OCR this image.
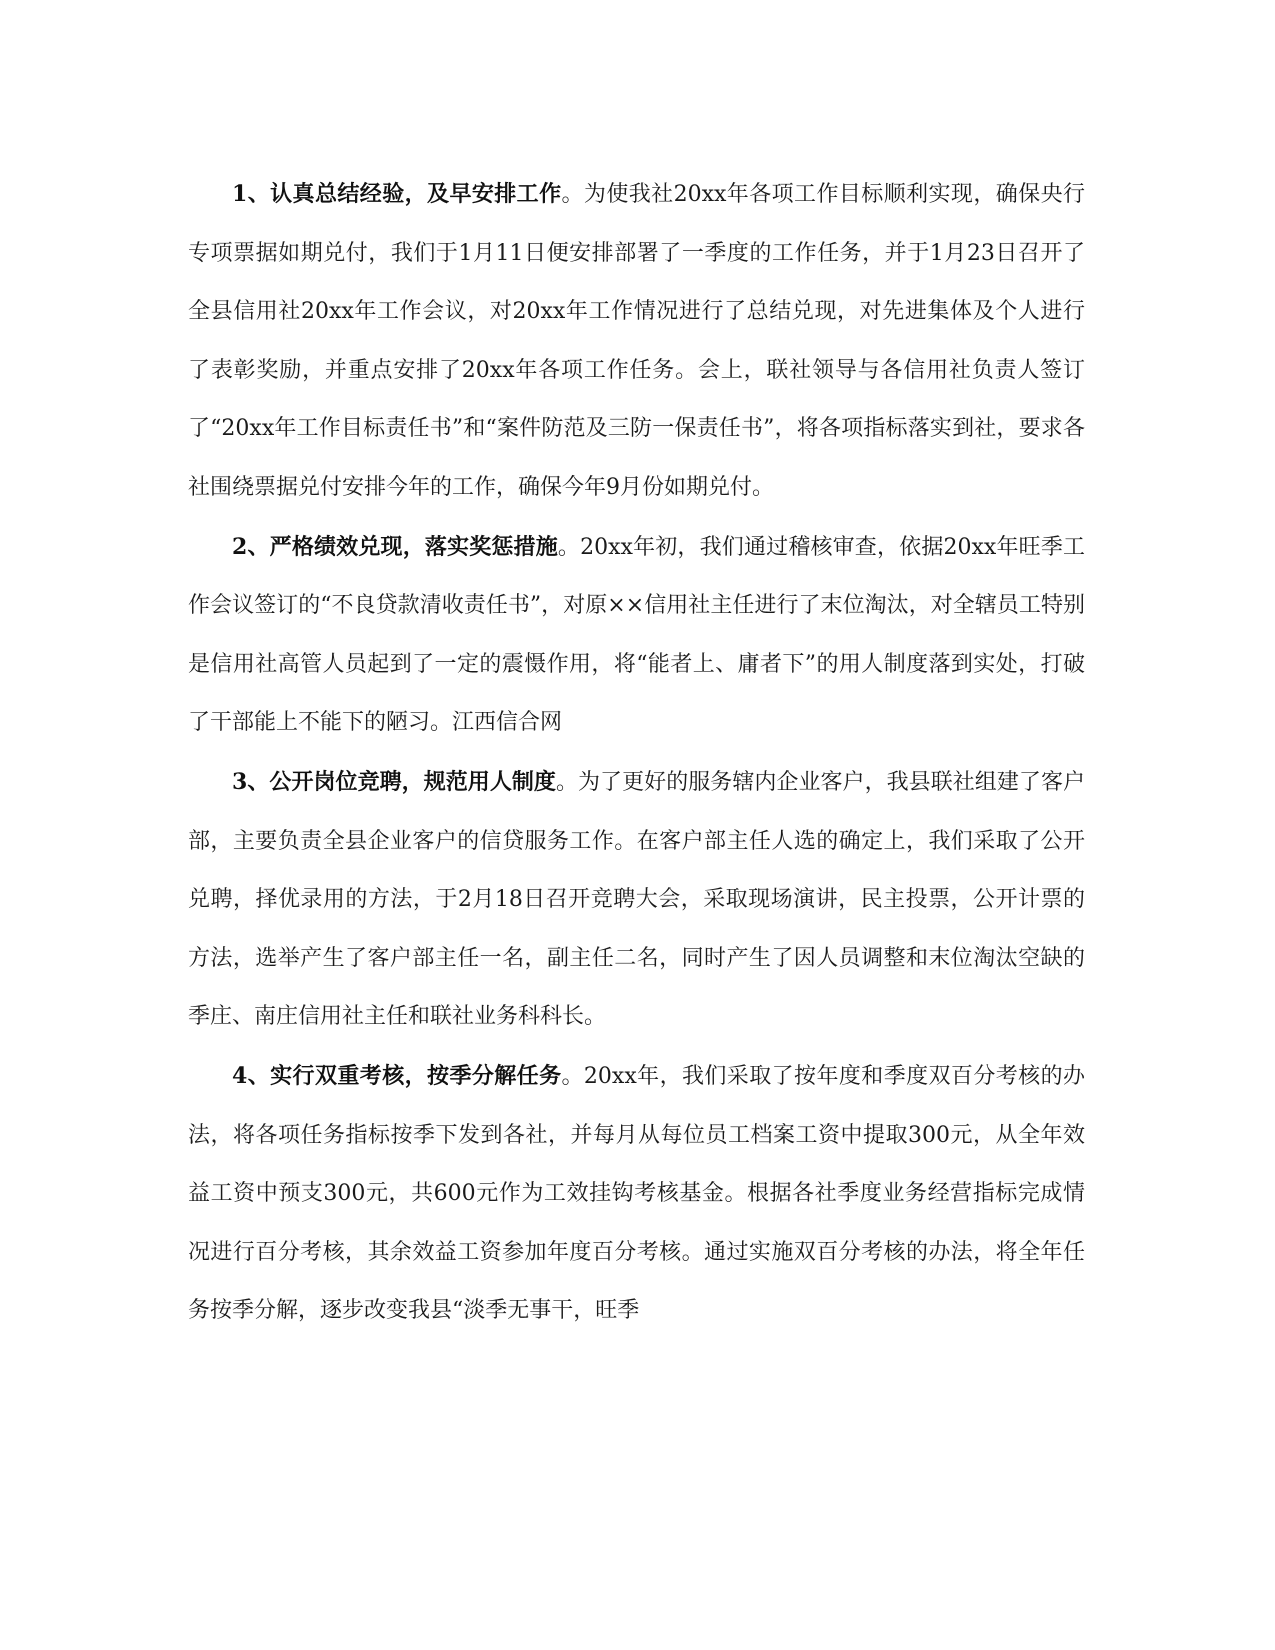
1、认真总结经验，及早安排工作。为使我社20xx年各项工作目标顺利实现，确保央行专项票据如期兑付，我们于1月11日便安排部署了一季度的工作任务，并于1月23日召开了全县信用社20xx年工作会议，对20xx年工作情况进行了总结兑现，对先进集体及个人进行了表彰奖励，并重点安排了20xx年各项工作任务。会上，联社领导与各信用社负责人签订了“20xx年工作目标责任书”和“案件防范及三防一保责任书”，将各项指标落实到社，要求各社围绕票据兑付安排今年的工作，确保今年9月份如期兑付。

2、严格绩效兑现，落实奖惩措施。20xx年初，我们通过稽核审查，依据20xx年旺季工作会议签订的“不良贷款清收责任书”，对原××信用社主任进行了末位淘汰，对全辖员工特别是信用社高管人员起到了一定的震慑作用，将“能者上、庸者下”的用人制度落到实处，打破了干部能上不能下的陋习。江西信合网

3、公开岗位竞聘，规范用人制度。为了更好的服务辖内企业客户，我县联社组建了客户部，主要负责全县企业客户的信贷服务工作。在客户部主任人选的确定上，我们采取了公开兑聘，择优录用的方法，于2月18日召开竞聘大会，采取现场演讲，民主投票，公开计票的方法，选举产生了客户部主任一名，副主任二名，同时产生了因人员调整和末位淘汰空缺的季庄、南庄信用社主任和联社业务科科长。

4、实行双重考核，按季分解任务。20xx年，我们采取了按年度和季度双百分考核的办法，将各项任务指标按季下发到各社，并每月从每位员工档案工资中提取300元，从全年效益工资中预支300元，共600元作为工效挂钩考核基金。根据各社季度业务经营指标完成情况进行百分考核，其余效益工资参加年度百分考核。通过实施双百分考核的办法，将全年任务按季分解，逐步改变我县“淡季无事干，旺季
